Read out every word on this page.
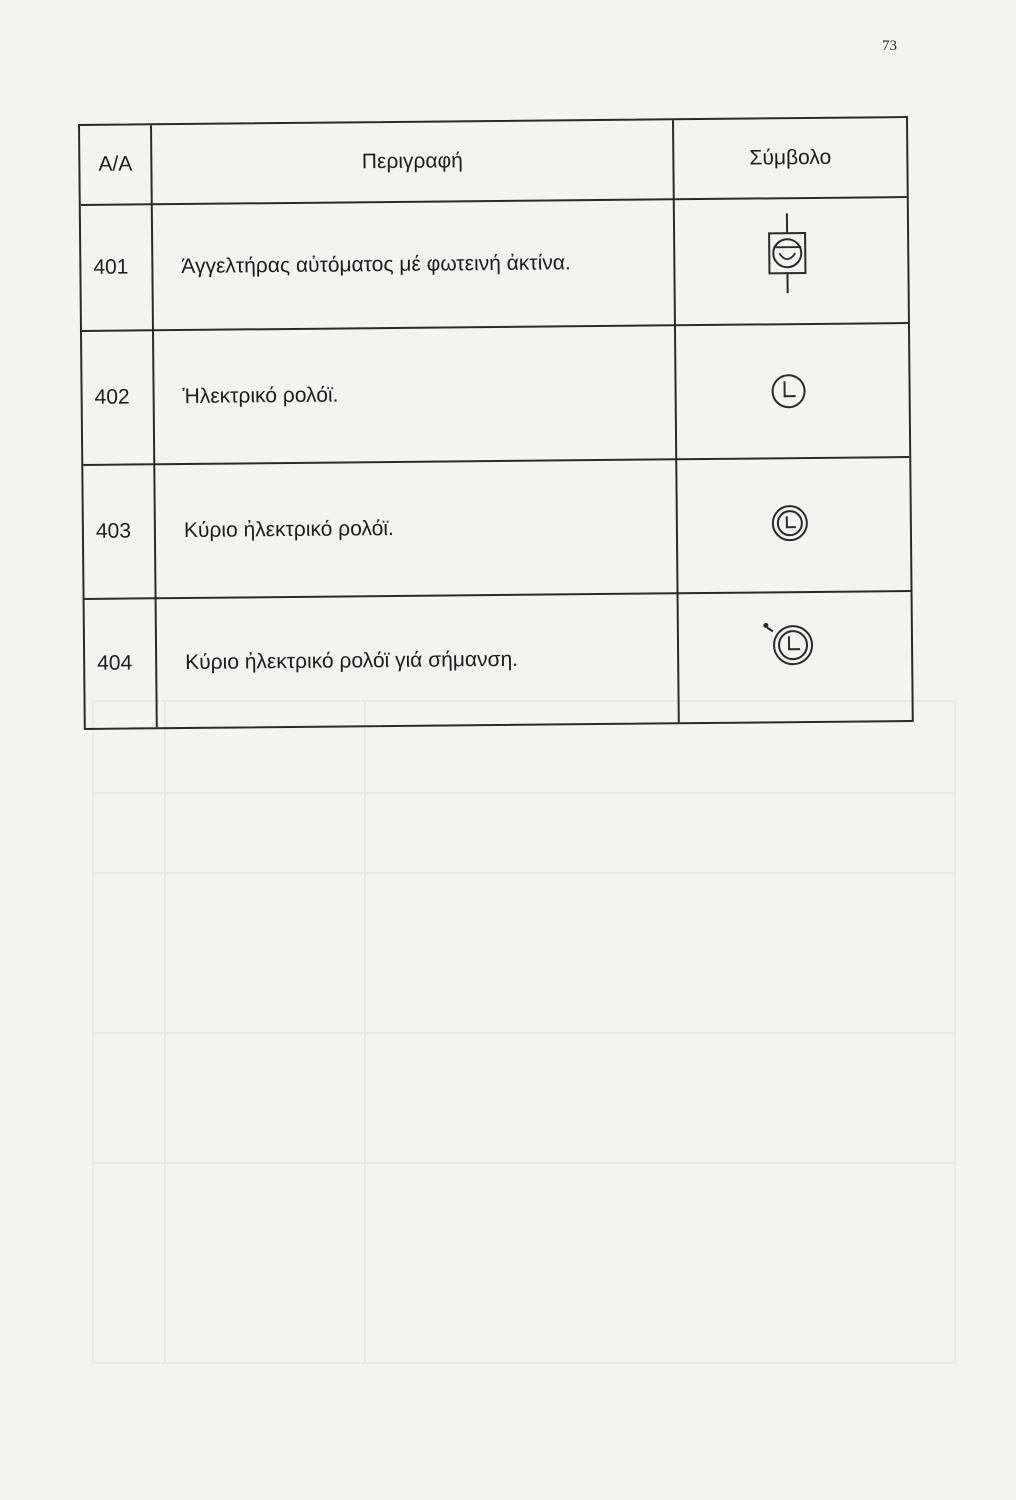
73
Α/Α	Περιγραφή	Σύμβολο
401	Άγγελτήρας αὐτόματος μέ φωτεινή ἀκτίνα.
402	Ἡλεκτρικό ρολόϊ.
403	Κύριο ἠλεκτρικό ρολόϊ.
404	Κύριο ἠλεκτρικό ρολόϊ γιά σήμανση.
